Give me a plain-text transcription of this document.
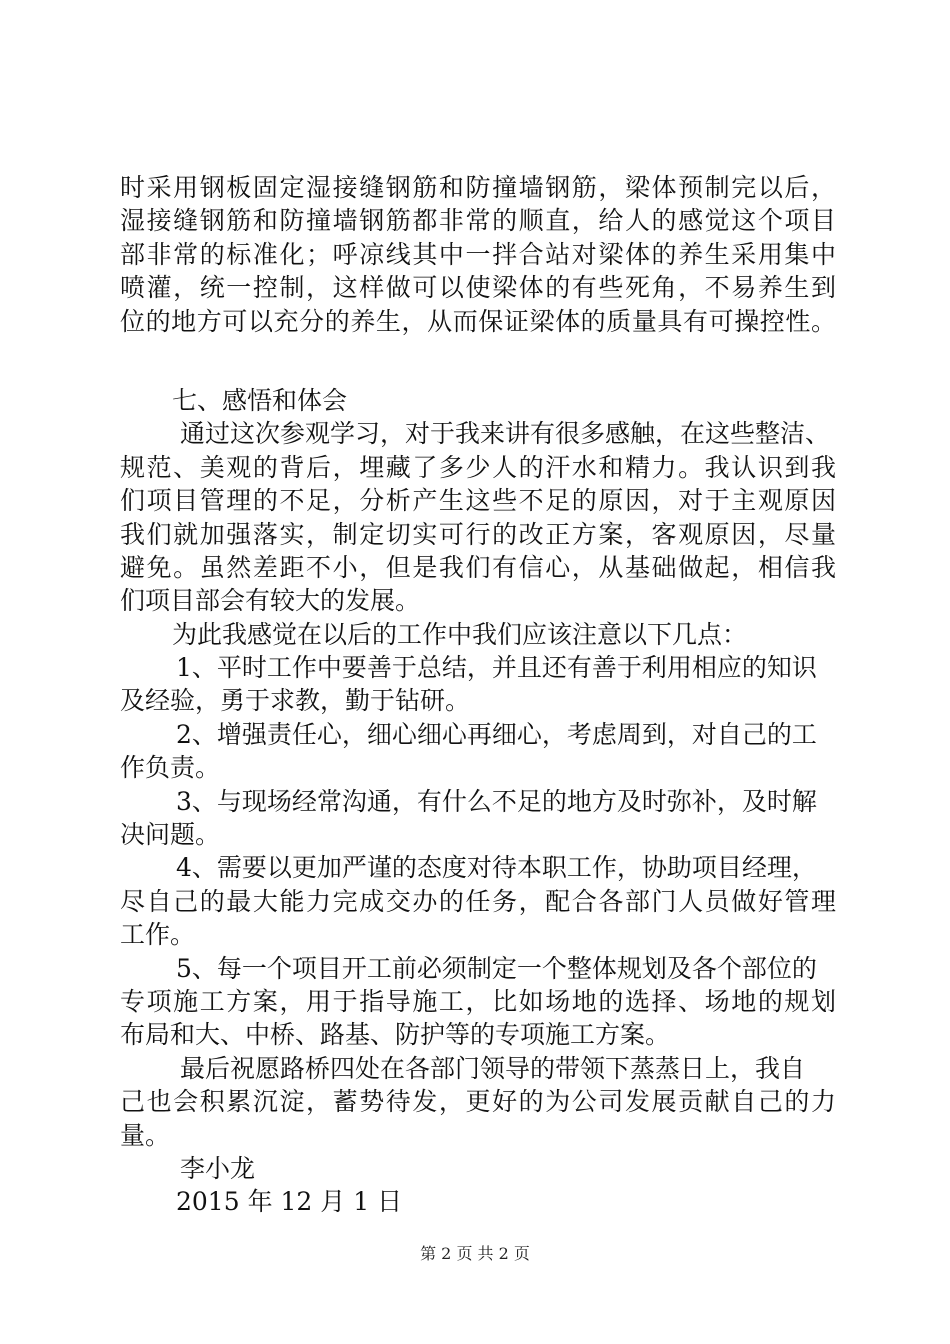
时采用钢板固定湿接缝钢筋和防撞墙钢筋，梁体预制完以后，
湿接缝钢筋和防撞墙钢筋都非常的顺直，给人的感觉这个项目
部非常的标准化；呼凉线其中一拌合站对梁体的养生采用集中
喷灌，统一控制，这样做可以使梁体的有些死角，不易养生到
位的地方可以充分的养生，从而保证梁体的质量具有可操控性。
七、感悟和体会
通过这次参观学习，对于我来讲有很多感触，在这些整洁、
规范、美观的背后，埋藏了多少人的汗水和精力。我认识到我
们项目管理的不足，分析产生这些不足的原因，对于主观原因
我们就加强落实，制定切实可行的改正方案，客观原因，尽量
避免。虽然差距不小，但是我们有信心，从基础做起，相信我
们项目部会有较大的发展。
为此我感觉在以后的工作中我们应该注意以下几点：
1、平时工作中要善于总结，并且还有善于利用相应的知识
及经验，勇于求教，勤于钻研。
2、增强责任心，细心细心再细心，考虑周到，对自己的工
作负责。
3、与现场经常沟通，有什么不足的地方及时弥补，及时解
决问题。
4、需要以更加严谨的态度对待本职工作，协助项目经理，
尽自己的最大能力完成交办的任务，配合各部门人员做好管理
工作。
5、每一个项目开工前必须制定一个整体规划及各个部位的
专项施工方案，用于指导施工，比如场地的选择、场地的规划
布局和大、中桥、路基、防护等的专项施工方案。
最后祝愿路桥四处在各部门领导的带领下蒸蒸日上，我自
己也会积累沉淀，蓄势待发，更好的为公司发展贡献自己的力
量。
李小龙
2015 年 12 月 1 日
第 2 页 共 2 页
